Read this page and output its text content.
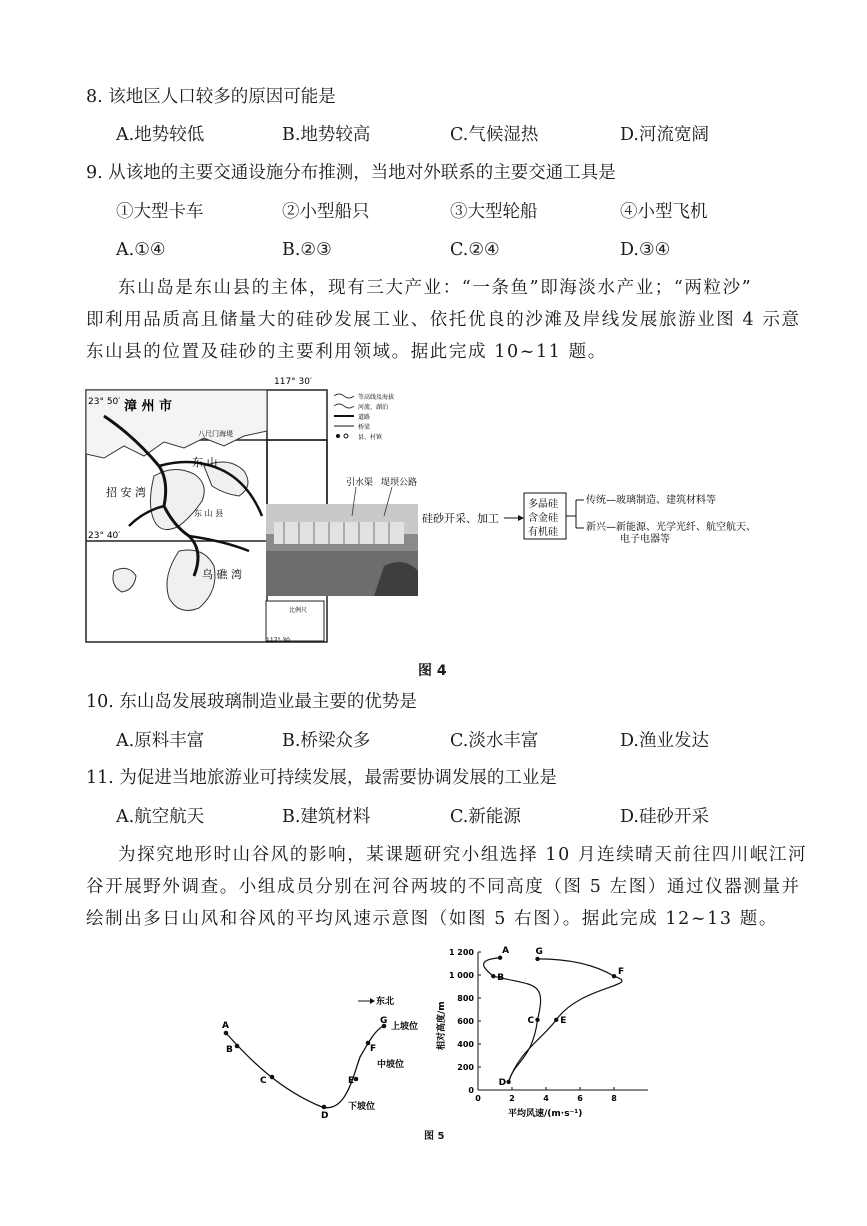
8. 该地区人口较多的原因可能是
A.地势较低	B.地势较高	C.气候湿热	D.河流宽阔
9. 从该地的主要交通设施分布推测，当地对外联系的主要交通工具是
①大型卡车	②小型船只	③大型轮船	④小型飞机
A.①④	B.②③	C.②④	D.③④
东山岛是东山县的主体，现有三大产业：“一条鱼”即海淡水产业；“两粒沙”
即利用品质高且储量大的硅砂发展工业、依托优良的沙滩及岸线发展旅游业图 4 示意
东山县的位置及硅砂的主要利用领域。据此完成 10~11 题。
117° 30′
23° 50′
23° 40′
漳 州 市
招 安 湾
东 山
乌 礁 湾
东 山 县
八尺门海堤
等高线及海拔
河流、湖泊
道路
桥梁
县、村镇
引水渠 堤坝公路
比例尺
117° 30
硅砂开采、加工
多晶硅
含金硅
有机硅
传统—玻璃制造、建筑材料等
新兴—新能源、光学光纤、航空航天、
电子电器等
图 4
10. 东山岛发展玻璃制造业最主要的优势是
A.原料丰富	B.桥梁众多	C.淡水丰富	D.渔业发达
11. 为促进当地旅游业可持续发展，最需要协调发展的工业是
A.航空航天	B.建筑材料	C.新能源	D.硅砂开采
为探究地形时山谷风的影响，某课题研究小组选择 10 月连续晴天前往四川岷江河
谷开展野外调查。小组成员分别在河谷两坡的不同高度（图 5 左图）通过仪器测量并
绘制出多日山风和谷风的平均风速示意图（如图 5 右图）。据此完成 12~13 题。
A
B
C
D
E
F
G
东北
上坡位
中坡位
下坡位
0
200
400
600
800
1 000
1 200
0	2	4	6	8
A
B
C
D
E
F
G
平均风速/(m·s⁻¹)
相对高度/m
图 5
